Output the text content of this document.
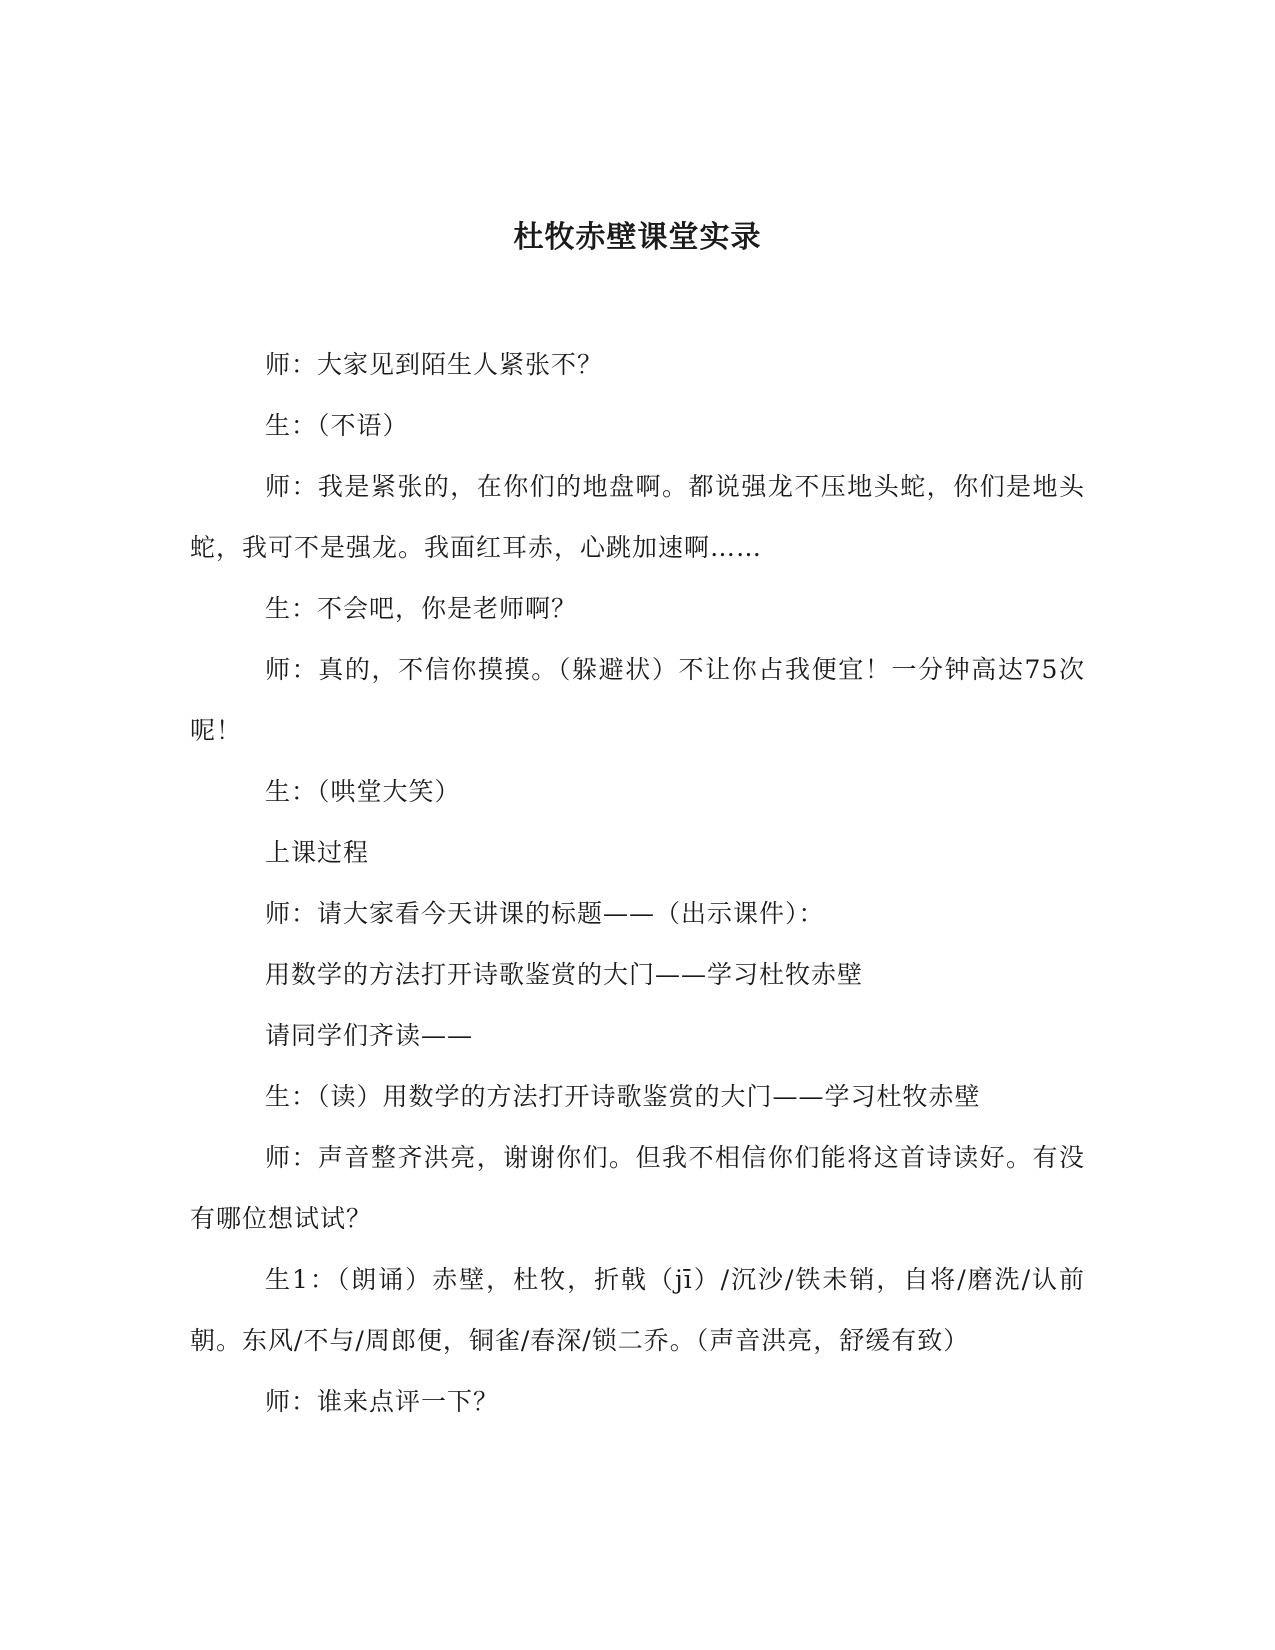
杜牧赤壁课堂实录

师：大家见到陌生人紧张不？

生：（不语）

师：我是紧张的，在你们的地盘啊。都说强龙不压地头蛇，你们是地头蛇，我可不是强龙。我面红耳赤，心跳加速啊……

生：不会吧，你是老师啊？

师：真的，不信你摸摸。（躲避状）不让你占我便宜！一分钟高达75次呢！

生：（哄堂大笑）

上课过程

师：请大家看今天讲课的标题——（出示课件）：

用数学的方法打开诗歌鉴赏的大门——学习杜牧赤壁

请同学们齐读——

生：（读）用数学的方法打开诗歌鉴赏的大门——学习杜牧赤壁

师：声音整齐洪亮，谢谢你们。但我不相信你们能将这首诗读好。有没有哪位想试试？

生1：（朗诵）赤壁，杜牧，折戟（jī）/沉沙/铁未销，自将/磨洗/认前朝。东风/不与/周郎便，铜雀/春深/锁二乔。（声音洪亮，舒缓有致）

师：谁来点评一下？
